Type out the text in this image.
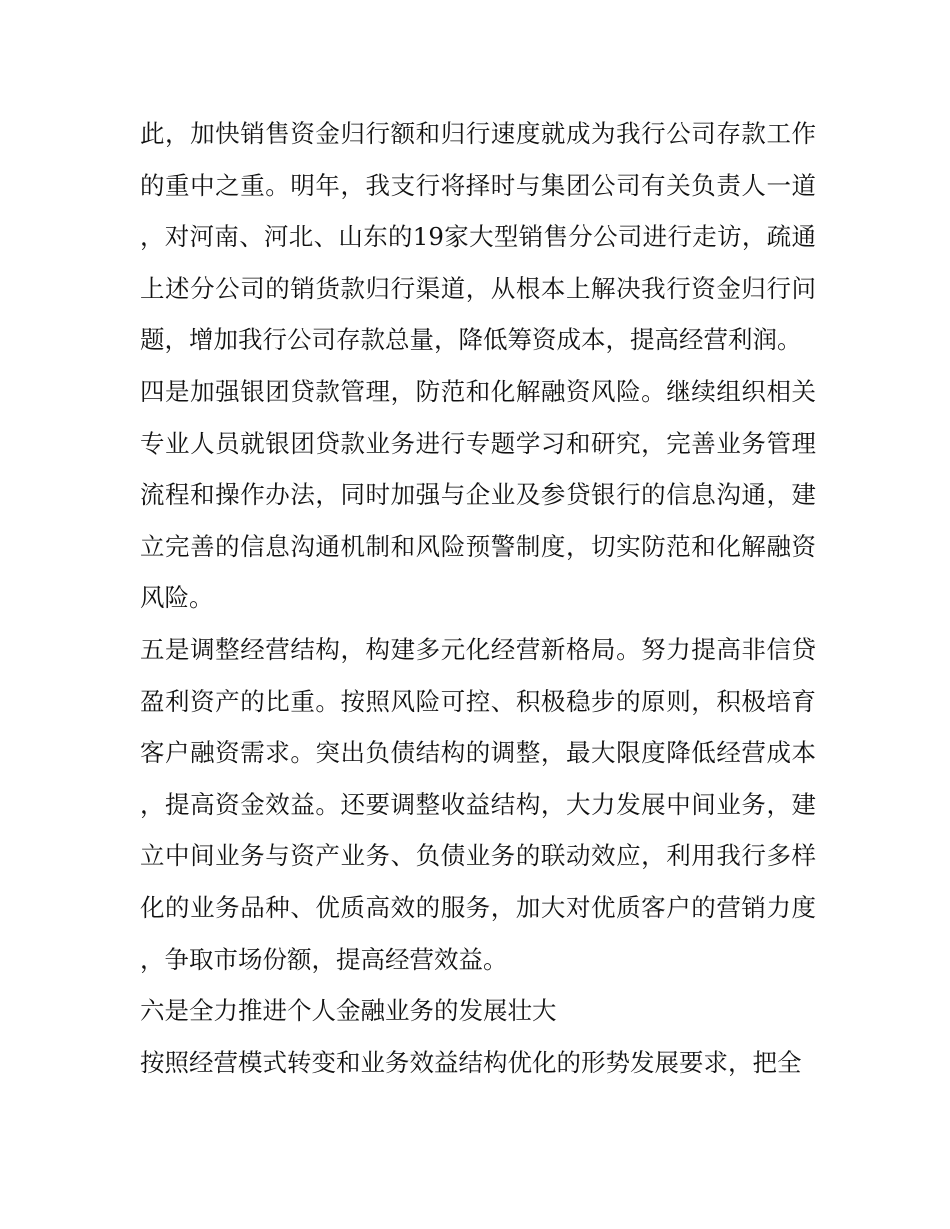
此，加快销售资金归行额和归行速度就成为我行公司存款工作的重中之重。明年，我支行将择时与集团公司有关负责人一道，对河南、河北、山东的19家大型销售分公司进行走访，疏通上述分公司的销货款归行渠道，从根本上解决我行资金归行问题，增加我行公司存款总量，降低筹资成本，提高经营利润。

四是加强银团贷款管理，防范和化解融资风险。继续组织相关专业人员就银团贷款业务进行专题学习和研究，完善业务管理流程和操作办法，同时加强与企业及参贷银行的信息沟通，建立完善的信息沟通机制和风险预警制度，切实防范和化解融资风险。

五是调整经营结构，构建多元化经营新格局。努力提高非信贷盈利资产的比重。按照风险可控、积极稳步的原则，积极培育客户融资需求。突出负债结构的调整，最大限度降低经营成本，提高资金效益。还要调整收益结构，大力发展中间业务，建立中间业务与资产业务、负债业务的联动效应，利用我行多样化的业务品种、优质高效的服务，加大对优质客户的营销力度，争取市场份额，提高经营效益。

六是全力推进个人金融业务的发展壮大

按照经营模式转变和业务效益结构优化的形势发展要求，把全
